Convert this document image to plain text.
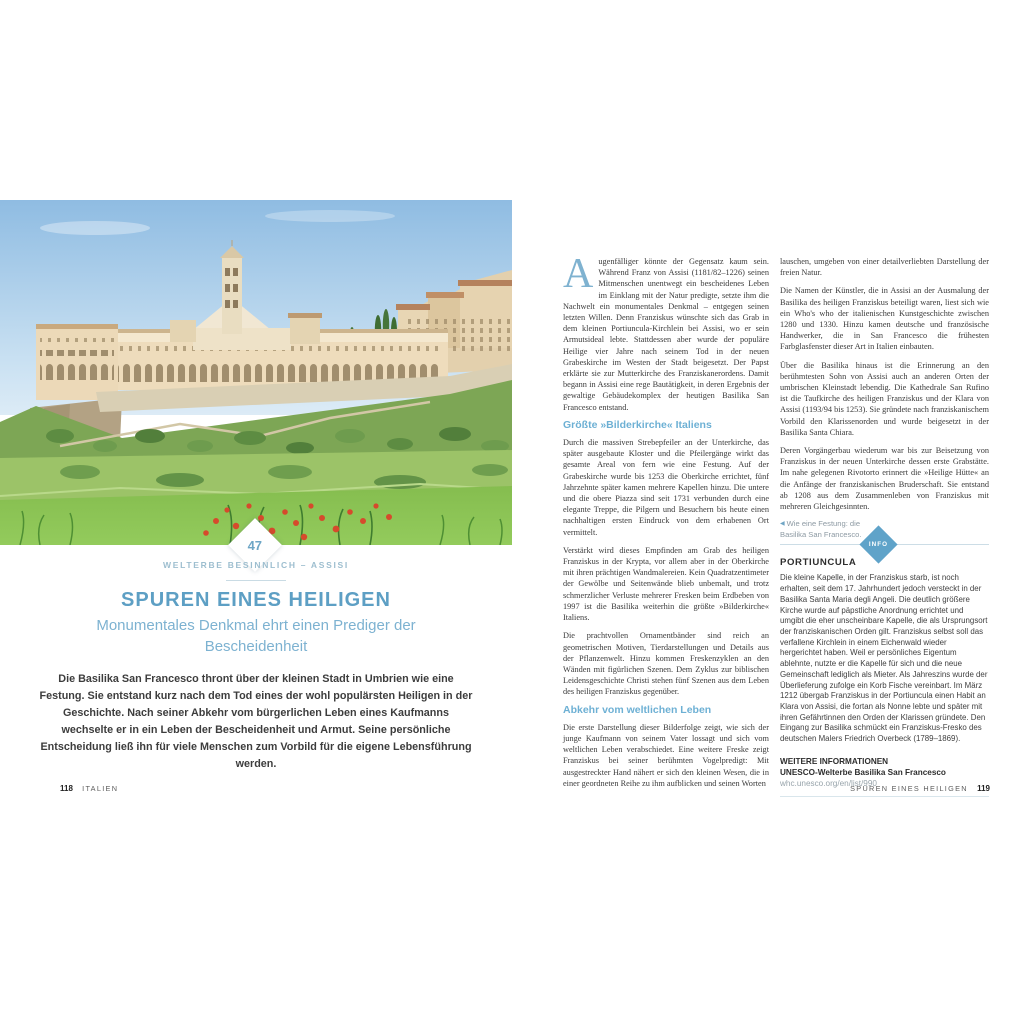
47
WELTERBE BESINNLICH – ASSISI
SPUREN EINES HEILIGEN
Monumentales Denkmal ehrt einen Prediger der Bescheidenheit
Die Basilika San Francesco thront über der kleinen Stadt in Umbrien wie eine Festung. Sie entstand kurz nach dem Tod eines der wohl populärsten Heiligen in der Geschichte. Nach seiner Abkehr vom bürgerlichen Leben eines Kaufmanns wechselte er in ein Leben der Bescheidenheit und Armut. Seine persönliche Entscheidung ließ ihn für viele Menschen zum Vorbild für die eigene Lebensführung werden.
118 ITALIEN

Augenfälliger könnte der Gegensatz kaum sein. Während Franz von Assisi (1181/82–1226) seinen Mitmenschen unentwegt ein bescheidenes Leben im Einklang mit der Natur predigte, setzte ihm die Nachwelt ein monumentales Denkmal – entgegen seinen letzten Willen. Denn Franziskus wünschte sich das Grab in dem kleinen Portiuncula-Kirchlein bei Assisi, wo er sein Armutsideal lebte. Stattdessen aber wurde der populäre Heilige vier Jahre nach seinem Tod in der neuen Grabeskirche im Westen der Stadt beigesetzt. Der Papst erklärte sie zur Mutterkirche des Franziskanerordens. Damit begann in Assisi eine rege Bautätigkeit, in deren Ergebnis der gewaltige Gebäudekomplex der heutigen Basilika San Francesco entstand.

Größte »Bilderkirche« Italiens

Durch die massiven Strebepfeiler an der Unterkirche, das später ausgebaute Kloster und die Pfeilergänge wirkt das gesamte Areal von fern wie eine Festung. Auf der Grabeskirche wurde bis 1253 die Oberkirche errichtet, fünf Jahrzehnte später kamen mehrere Kapellen hinzu. Die untere und die obere Piazza sind seit 1731 verbunden durch eine elegante Treppe, die Pilgern und Besuchern bis heute einen nachhaltigen ersten Eindruck von dem erhabenen Ort vermittelt.

Verstärkt wird dieses Empfinden am Grab des heiligen Franziskus in der Krypta, vor allem aber in der Oberkirche mit ihren prächtigen Wandmalereien. Kein Quadratzentimeter der Gewölbe und Seitenwände blieb unbemalt, und trotz schmerzlicher Verluste mehrerer Fresken beim Erdbeben von 1997 ist die Basilika weiterhin die größte »Bilderkirche« Italiens.

Die prachtvollen Ornamentbänder sind reich an geometrischen Motiven, Tierdarstellungen und Details aus der Pflanzenwelt. Hinzu kommen Freskenzyklen an den Wänden mit figürlichen Szenen. Dem Zyklus zur biblischen Leidensgeschichte Christi stehen fünf Szenen aus dem Leben des heiligen Franziskus gegenüber.

Abkehr vom weltlichen Leben

Die erste Darstellung dieser Bilderfolge zeigt, wie sich der junge Kaufmann von seinem Vater lossagt und sich vom weltlichen Leben verabschiedet. Eine weitere Freske zeigt Franziskus bei seiner berühmten Vogelpredigt: Mit ausgestreckter Hand nähert er sich den kleinen Wesen, die in einer geordneten Reihe zu ihm aufblicken und seinen Worten

lauschen, umgeben von einer detailverliebten Darstellung der freien Natur.

Die Namen der Künstler, die in Assisi an der Ausmalung der Basilika des heiligen Franziskus beteiligt waren, liest sich wie ein Who's who der italienischen Kunstgeschichte zwischen 1280 und 1330. Hinzu kamen deutsche und französische Handwerker, die in San Francesco die frühesten Farbglasfenster dieser Art in Italien einbauten.

Über die Basilika hinaus ist die Erinnerung an den berühmtesten Sohn von Assisi auch an anderen Orten der umbrischen Kleinstadt lebendig. Die Kathedrale San Rufino ist die Taufkirche des heiligen Franziskus und der Klara von Assisi (1193/94 bis 1253). Sie gründete nach franziskanischem Vorbild den Klarissenorden und wurde beigesetzt in der Basilika Santa Chiara.

Deren Vorgängerbau wiederum war bis zur Beisetzung von Franziskus in der neuen Unterkirche dessen erste Grabstätte. Im nahe gelegenen Rivotorto erinnert die »Heilige Hütte« an die Anfänge der franziskanischen Bruderschaft. Sie entstand ab 1208 aus dem Zusammenleben von Franziskus mit mehreren Gleichgesinnten.

◀ Wie eine Festung: die Basilika San Francesco.
INFO
PORTIUNCULA

Die kleine Kapelle, in der Franziskus starb, ist noch erhalten, seit dem 17. Jahrhundert jedoch versteckt in der Basilika Santa Maria degli Angeli. Die deutlich größere Kirche wurde auf päpstliche Anordnung errichtet und umgibt die eher unscheinbare Kapelle, die als Ursprungsort der franziskanischen Orden gilt. Franziskus selbst soll das verfallene Kirchlein in einem Eichenwald wieder hergerichtet haben. Weil er persönliches Eigentum ablehnte, nutzte er die Kapelle für sich und die neue Gemeinschaft lediglich als Mieter. Als Jahreszins wurde der Überlieferung zufolge ein Korb Fische vereinbart. Im März 1212 übergab Franziskus in der Portiuncula einen Habit an Klara von Assisi, die fortan als Nonne lebte und später mit ihren Gefährtinnen den Orden der Klarissen gründete. Den Eingang zur Basilika schmückt ein Franziskus-Fresko des deutschen Malers Friedrich Overbeck (1789–1869).

WEITERE INFORMATIONEN
UNESCO-Welterbe Basilika San Francesco
whc.unesco.org/en/list/990
SPUREN EINES HEILIGEN 119
